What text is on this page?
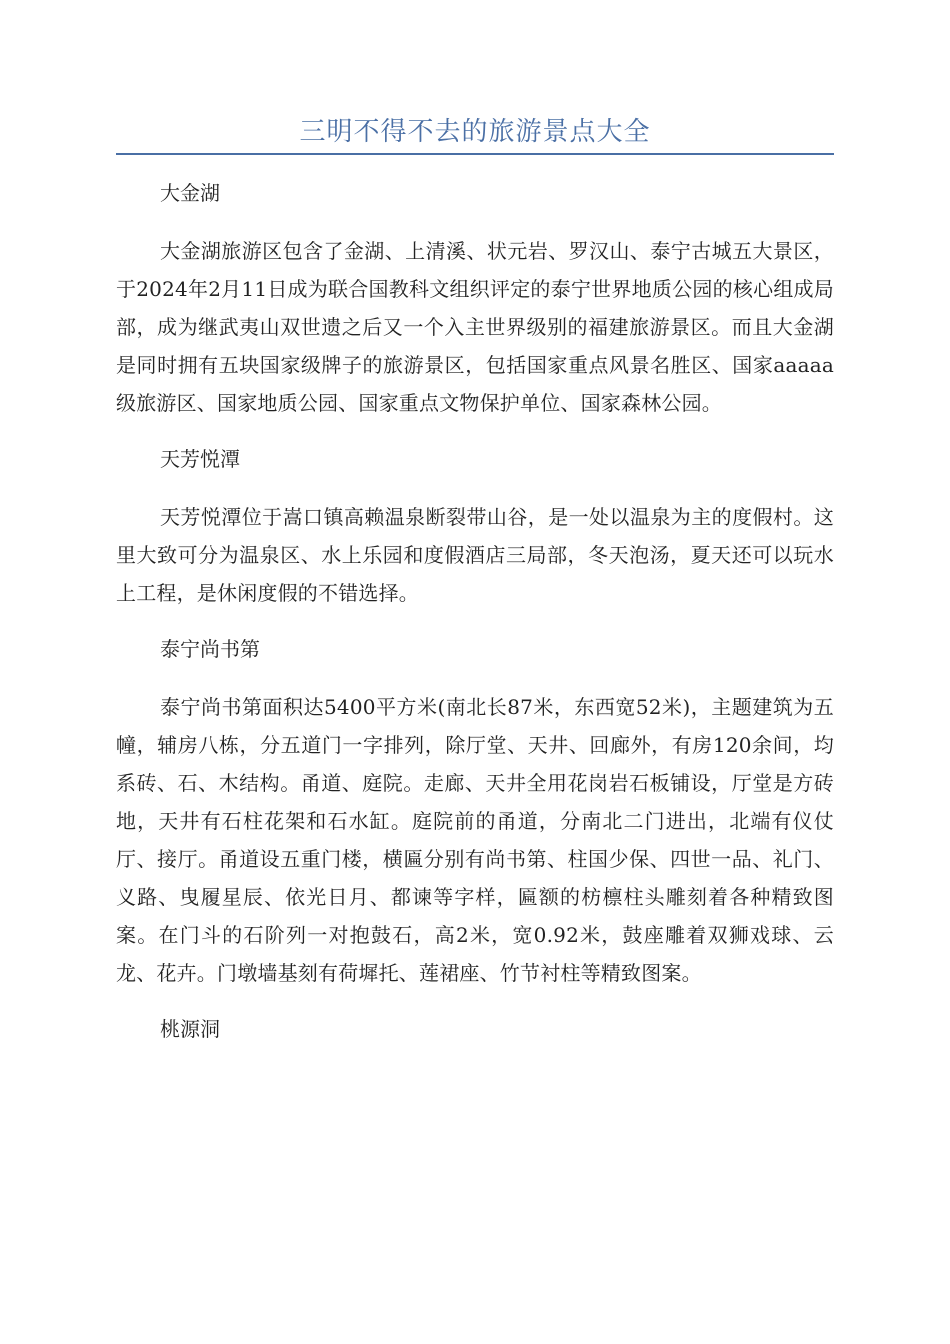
三明不得不去的旅游景点大全

大金湖

大金湖旅游区包含了金湖、上清溪、状元岩、罗汉山、泰宁古城五大景区，于2024年2月11日成为联合国教科文组织评定的泰宁世界地质公园的核心组成局部，成为继武夷山双世遗之后又一个入主世界级别的福建旅游景区。而且大金湖是同时拥有五块国家级牌子的旅游景区，包括国家重点风景名胜区、国家aaaaa级旅游区、国家地质公园、国家重点文物保护单位、国家森林公园。

天芳悦潭

天芳悦潭位于嵩口镇高赖温泉断裂带山谷，是一处以温泉为主的度假村。这里大致可分为温泉区、水上乐园和度假酒店三局部，冬天泡汤，夏天还可以玩水上工程，是休闲度假的不错选择。

泰宁尚书第

泰宁尚书第面积达5400平方米(南北长87米，东西宽52米)，主题建筑为五幢，辅房八栋，分五道门一字排列，除厅堂、天井、回廊外，有房120余间，均系砖、石、木结构。甬道、庭院。走廊、天井全用花岗岩石板铺设，厅堂是方砖地，天井有石柱花架和石水缸。庭院前的甬道，分南北二门进出，北端有仪仗厅、接厅。甬道设五重门楼，横匾分别有尚书第、柱国少保、四世一品、礼门、义路、曳履星辰、依光日月、都谏等字样，匾额的枋檩柱头雕刻着各种精致图案。在门斗的石阶列一对抱鼓石，高2米，宽0.92米，鼓座雕着双狮戏球、云龙、花卉。门墩墙基刻有荷墀托、莲裙座、竹节衬柱等精致图案。

桃源洞
